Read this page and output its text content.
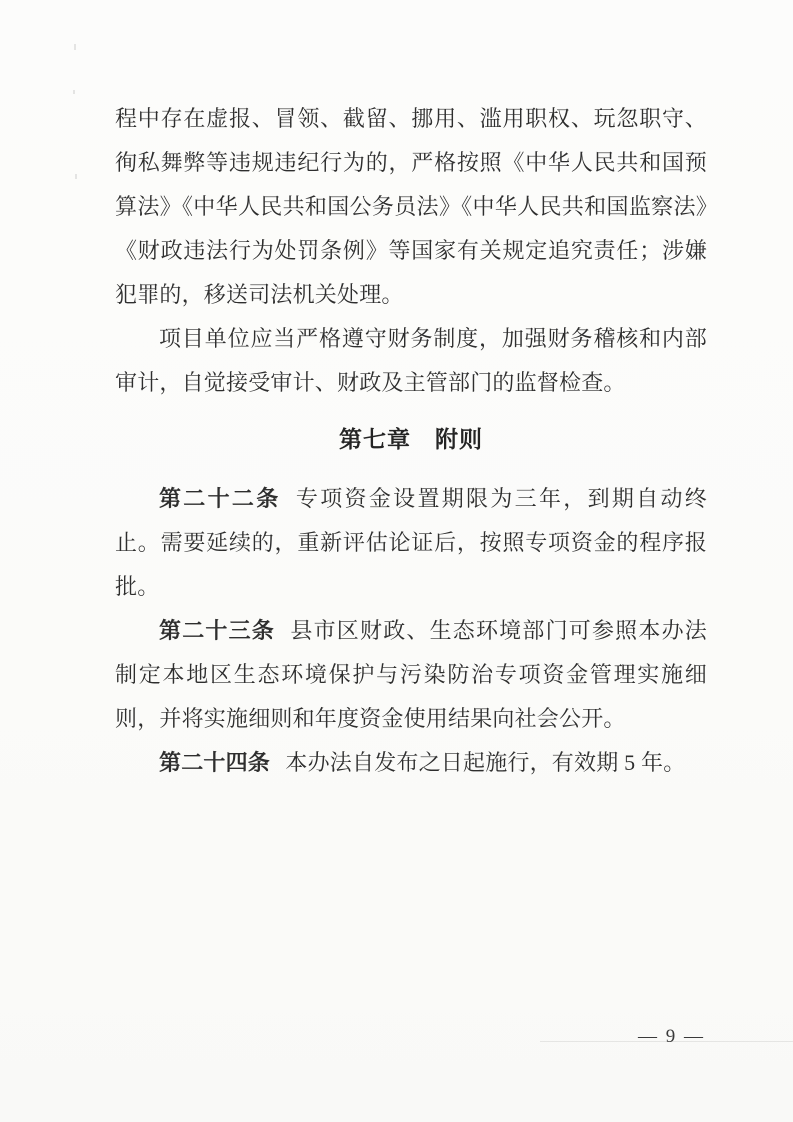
程中存在虚报、冒领、截留、挪用、滥用职权、玩忽职守、徇私舞弊等违规违纪行为的，严格按照《中华人民共和国预算法》《中华人民共和国公务员法》《中华人民共和国监察法》《财政违法行为处罚条例》等国家有关规定追究责任；涉嫌犯罪的，移送司法机关处理。

项目单位应当严格遵守财务制度，加强财务稽核和内部审计，自觉接受审计、财政及主管部门的监督检查。

第七章　附则

第二十二条 专项资金设置期限为三年，到期自动终止。需要延续的，重新评估论证后，按照专项资金的程序报批。

第二十三条 县市区财政、生态环境部门可参照本办法制定本地区生态环境保护与污染防治专项资金管理实施细则，并将实施细则和年度资金使用结果向社会公开。

第二十四条 本办法自发布之日起施行，有效期 5 年。

— 9 —
